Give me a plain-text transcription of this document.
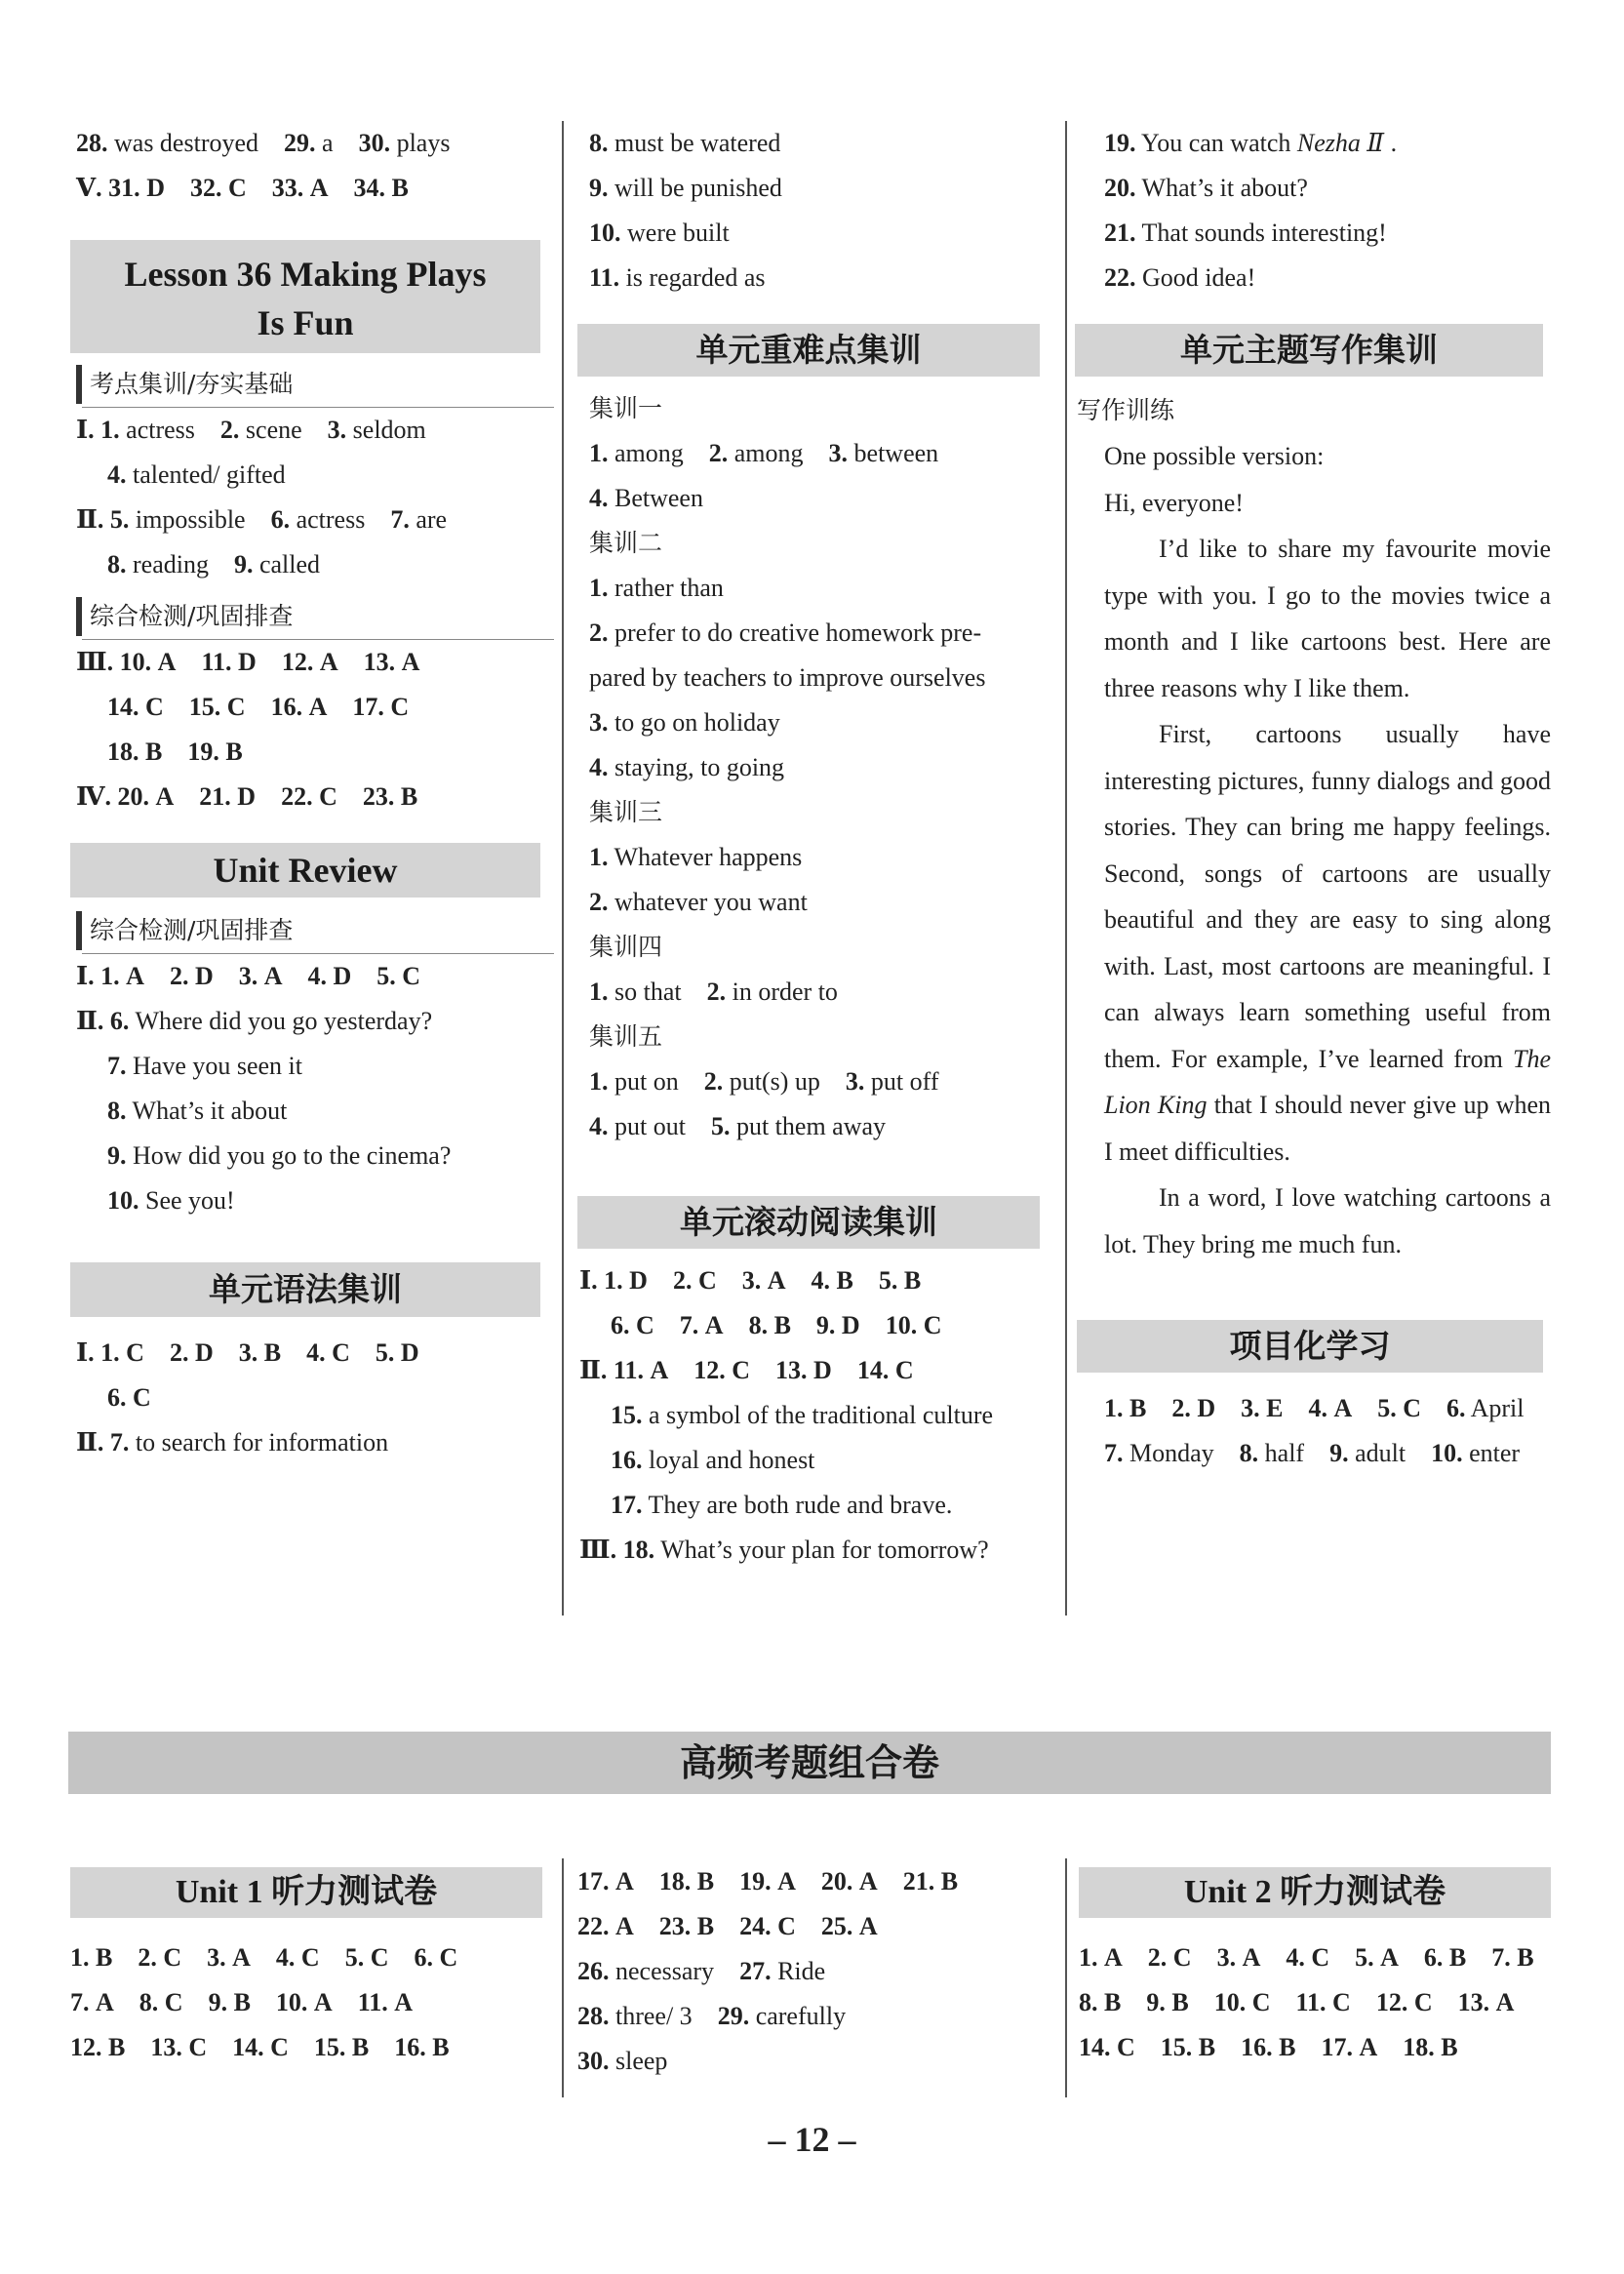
28. was destroyed  29. a  30. plays
Ⅴ. 31. D  32. C  33. A  34. B
Lesson 36 Making Plays
Is Fun
考点集训/夯实基础
Ⅰ. 1. actress  2. scene  3. seldom
4. talented/ gifted
Ⅱ. 5. impossible  6. actress  7. are
8. reading  9. called
综合检测/巩固排查
Ⅲ. 10. A  11. D  12. A  13. A
14. C  15. C  16. A  17. C
18. B  19. B
Ⅳ. 20. A  21. D  22. C  23. B
Unit Review
综合检测/巩固排查
Ⅰ. 1. A  2. D  3. A  4. D  5. C
Ⅱ. 6. Where did you go yesterday?
7. Have you seen it
8. What’s it about
9. How did you go to the cinema?
10. See you!
单元语法集训
Ⅰ. 1. C  2. D  3. B  4. C  5. D
6. C
Ⅱ. 7. to search for information
8. must be watered
9. will be punished
10. were built
11. is regarded as
单元重难点集训
集训一
1. among  2. among  3. between
4. Between
集训二
1. rather than
2. prefer to do creative homework pre-
pared by teachers to improve ourselves
3. to go on holiday
4. staying, to going
集训三
1. Whatever happens
2. whatever you want
集训四
1. so that  2. in order to
集训五
1. put on  2. put(s) up  3. put off
4. put out  5. put them away
单元滚动阅读集训
Ⅰ. 1. D  2. C  3. A  4. B  5. B
6. C  7. A  8. B  9. D  10. C
Ⅱ. 11. A  12. C  13. D  14. C
15. a symbol of the traditional culture
16. loyal and honest
17. They are both rude and brave.
Ⅲ. 18. What’s your plan for tomorrow?
19. You can watch Nezha Ⅱ .
20. What’s it about?
21. That sounds interesting!
22. Good idea!
单元主题写作集训
写作训练
One possible version:
Hi, everyone!
I’d like to share my favourite movie type with you. I go to the movies twice a month and I like cartoons best. Here are three reasons why I like them.
First, cartoons usually have interesting pictures, funny dialogs and good stories. They can bring me happy feelings. Second, songs of cartoons are usually beautiful and they are easy to sing along with. Last, most cartoons are meaningful. I can always learn something useful from them. For example, I’ve learned from The Lion King that I should never give up when I meet difficulties.
In a word, I love watching cartoons a lot. They bring me much fun.
项目化学习
1. B  2. D  3. E  4. A  5. C  6. April
7. Monday  8. half  9. adult  10. enter
高频考题组合卷
Unit 1 听力测试卷
1. B  2. C  3. A  4. C  5. C  6. C
7. A  8. C  9. B  10. A  11. A
12. B  13. C  14. C  15. B  16. B
17. A  18. B  19. A  20. A  21. B
22. A  23. B  24. C  25. A
26. necessary  27. Ride
28. three/ 3  29. carefully
30. sleep
Unit 2 听力测试卷
1. A  2. C  3. A  4. C  5. A  6. B  7. B
8. B  9. B  10. C  11. C  12. C  13. A
14. C  15. B  16. B  17. A  18. B
– 12 –
